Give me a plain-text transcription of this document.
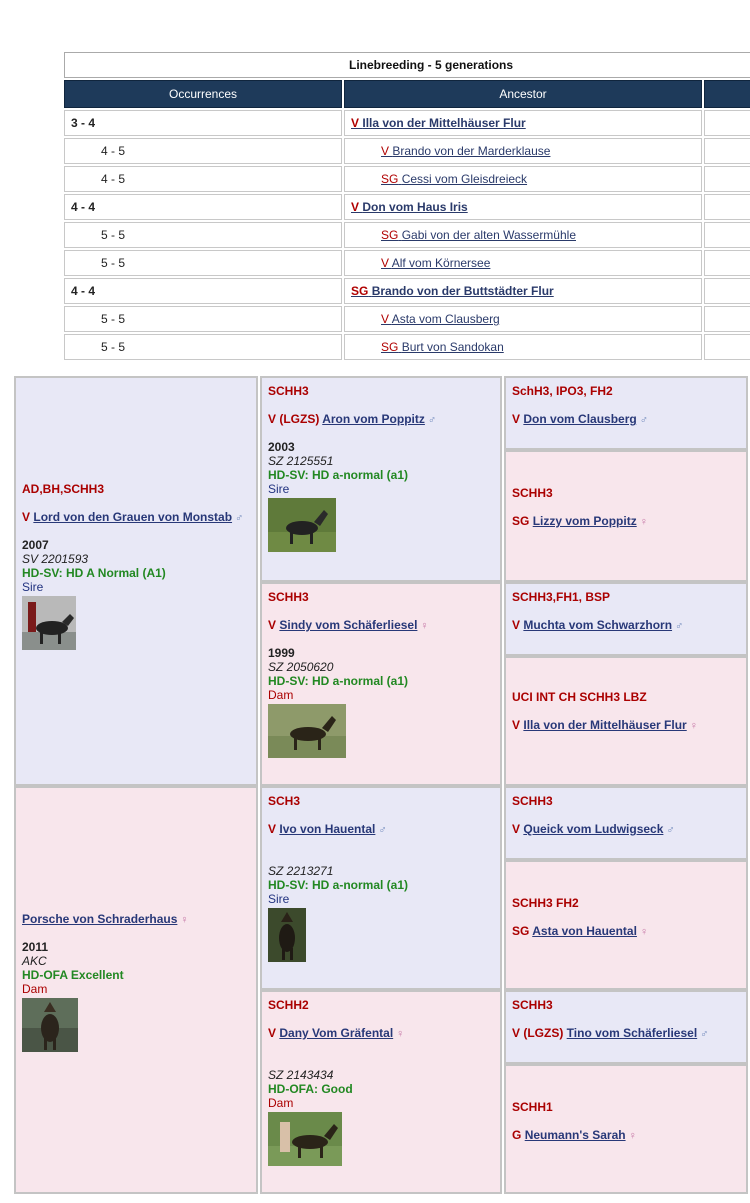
Linebreeding - 5 generations		
Occurrences	Ancestor	
3 - 4	V Illa von der Mittelhäuser Flur	
4 - 5	V Brando von der Marderklause	
4 - 5	SG Cessi vom Gleisdreieck	
4 - 4	V Don vom Haus Iris	
5 - 5	SG Gabi von der alten Wassermühle	
5 - 5	V Alf vom Körnersee	
4 - 4	SG Brando von der Buttstädter Flur	
5 - 5	V Asta vom Clausberg	
5 - 5	SG Burt von Sandokan	
AD,BH,SCHH3
V Lord von den Grauen von Monstab ♂
2007
SV 2201593
HD-SV: HD A Normal (A1)
Sire
Porsche von Schraderhaus ♀
2011
AKC
HD-OFA Excellent
Dam
SCHH3
V (LGZS) Aron vom Poppitz ♂
2003
SZ 2125551
HD-SV: HD a-normal (a1)
Sire
SCHH3
V Sindy vom Schäferliesel ♀
1999
SZ 2050620
HD-SV: HD a-normal (a1)
Dam
SCH3
V Ivo von Hauental ♂
SZ 2213271
HD-SV: HD a-normal (a1)
Sire
SCHH2
V Dany Vom Gräfental ♀
SZ 2143434
HD-OFA: Good
Dam
SchH3, IPO3, FH2
V Don vom Clausberg ♂
SCHH3
SG Lizzy vom Poppitz ♀
SCHH3,FH1, BSP
V Muchta vom Schwarzhorn ♂
UCI INT CH SCHH3 LBZ
V Illa von der Mittelhäuser Flur ♀
SCHH3
V Queick vom Ludwigseck ♂
SCHH3 FH2
SG Asta von Hauental ♀
SCHH3
V (LGZS) Tino vom Schäferliesel ♂
SCHH1
G Neumann's Sarah ♀
